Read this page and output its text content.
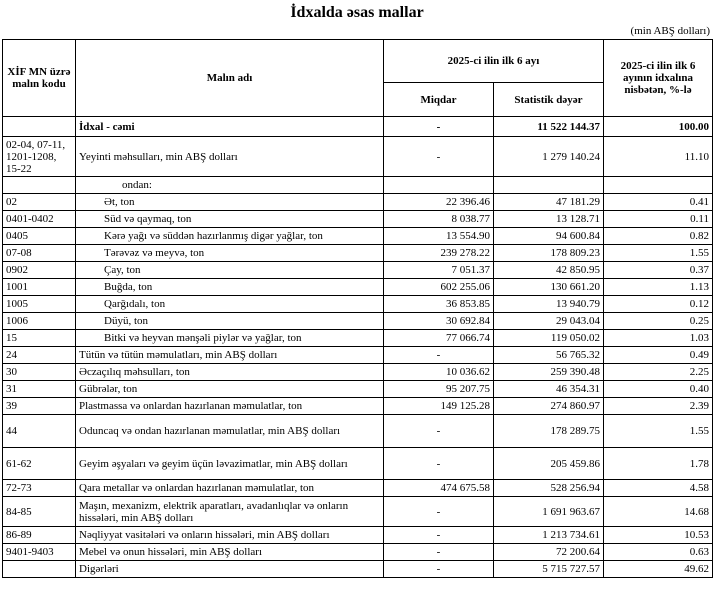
İdxalda əsas mallar
(min ABŞ dolları)
XİF MN üzrə malın kodu	Malın adı	2025-ci ilin ilk 6 ayı		2025-ci ilin ilk 6 ayının idxalına nisbətən, %-lə
		Miqdar	Statistik dəyər	
	İdxal - cəmi	-	11 522 144.37	100.00
02-04, 07-11, 1201-1208, 15-22	Yeyinti məhsulları, min ABŞ dolları	-	1 279 140.24	11.10
	ondan:			
02	Ət, ton	22 396.46	47 181.29	0.41
0401-0402	Süd və qaymaq, ton	8 038.77	13 128.71	0.11
0405	Kərə yağı və süddən hazırlanmış digər yağlar, ton	13 554.90	94 600.84	0.82
07-08	Tərəvəz və meyvə, ton	239 278.22	178 809.23	1.55
0902	Çay, ton	7 051.37	42 850.95	0.37
1001	Buğda, ton	602 255.06	130 661.20	1.13
1005	Qarğıdalı, ton	36 853.85	13 940.79	0.12
1006	Düyü, ton	30 692.84	29 043.04	0.25
15	Bitki və heyvan mənşəli piylər və yağlar, ton	77 066.74	119 050.02	1.03
24	Tütün və tütün məmulatları, min ABŞ dolları	-	56 765.32	0.49
30	Əczaçılıq məhsulları, ton	10 036.62	259 390.48	2.25
31	Gübrələr, ton	95 207.75	46 354.31	0.40
39	Plastmassa və onlardan hazırlanan məmulatlar, ton	149 125.28	274 860.97	2.39
44	Oduncaq və ondan hazırlanan məmulatlar, min ABŞ dolları	-	178 289.75	1.55
61-62	Geyim əşyaları və geyim üçün ləvazimatlar, min ABŞ dolları	-	205 459.86	1.78
72-73	Qara metallar və onlardan hazırlanan məmulatlar, ton	474 675.58	528 256.94	4.58
84-85	Maşın, mexanizm, elektrik aparatları, avadanlıqlar və onların hissələri, min ABŞ dolları	-	1 691 963.67	14.68
86-89	Nəqliyyat vasitələri və onların hissələri, min ABŞ dolları	-	1 213 734.61	10.53
9401-9403	Mebel və onun hissələri, min ABŞ dolları	-	72 200.64	0.63
	Digərləri	-	5 715 727.57	49.62
